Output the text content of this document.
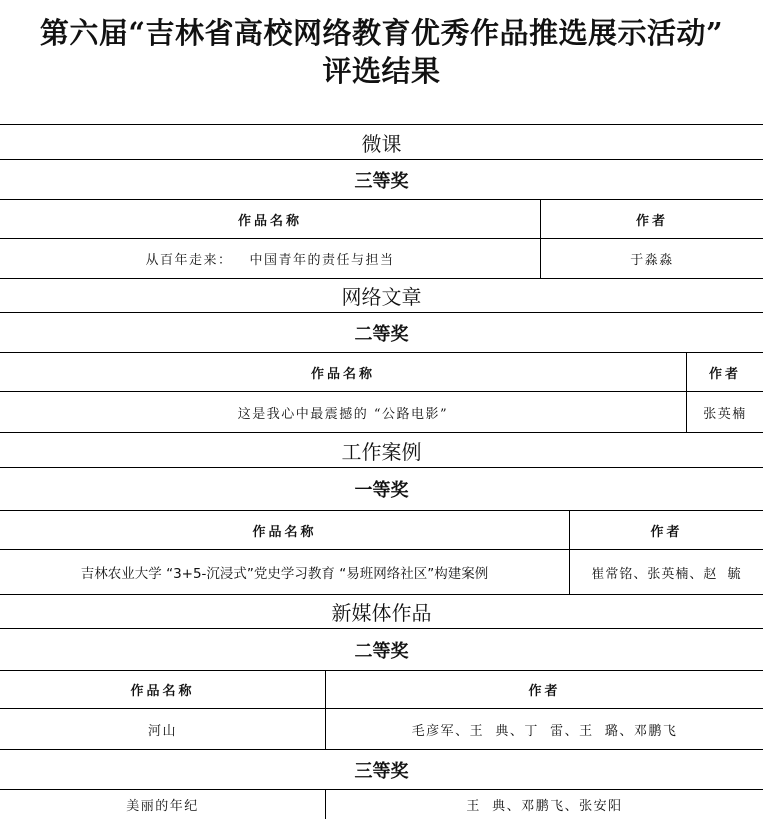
第六届“吉林省高校网络教育优秀作品推选展示活动”
评选结果
微课
三等奖
作品名称	作者
从百年走来：   中国青年的责任与担当	于淼淼
网络文章
二等奖
作品名称	作者
这是我心中最震撼的 “公路电影”	张英楠
工作案例
一等奖
作品名称	作者
吉林农业大学 “3+5-沉浸式”党史学习教育 “易班网络社区”构建案例	崔常铭、张英楠、赵  毓
新媒体作品
二等奖
作品名称	作者
河山	毛彦军、王  典、丁  雷、王  璐、邓鹏飞
三等奖
美丽的年纪	王  典、邓鹏飞、张安阳
